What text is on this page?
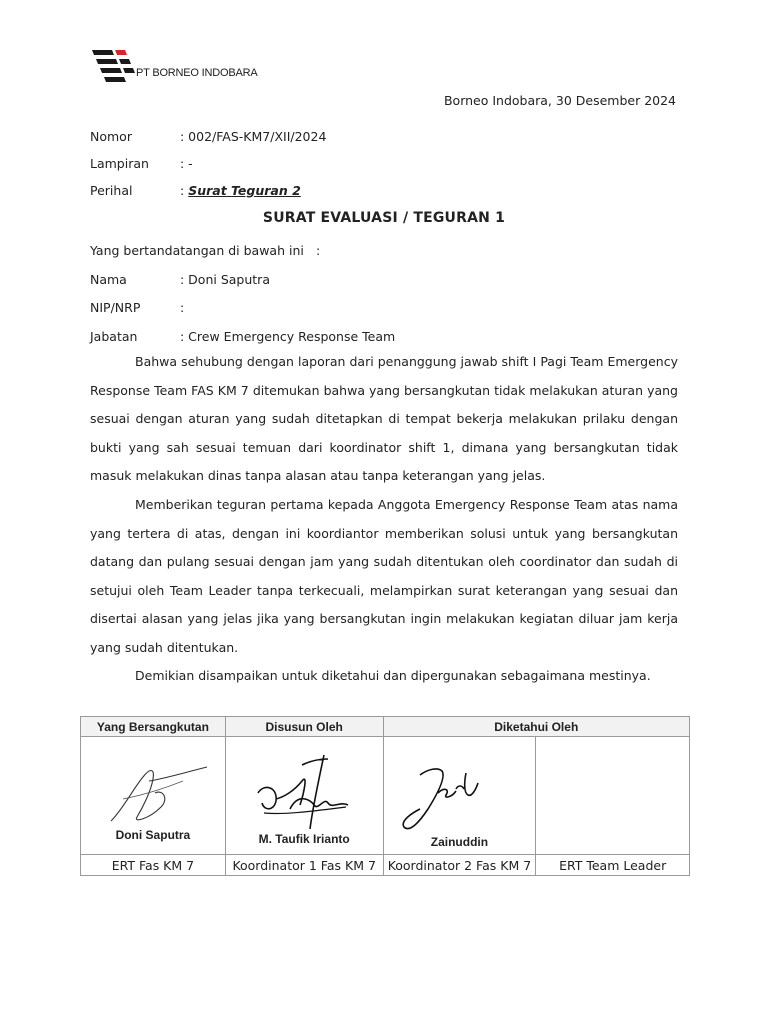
PT BORNEO INDOBARA
Borneo Indobara, 30 Desember 2024
Nomor	: 002/FAS-KM7/XII/2024
Lampiran : -
Perihal	: Surat Teguran 2
SURAT EVALUASI / TEGURAN 1
Yang bertandatangan di bawah ini :
Nama	: Doni Saputra
NIP/NRP	:
Jabatan	: Crew Emergency Response Team
Bahwa sehubung dengan laporan dari penanggung jawab shift I Pagi Team Emergency Response Team FAS KM 7 ditemukan bahwa yang bersangkutan tidak melakukan aturan yang sesuai dengan aturan yang sudah ditetapkan di tempat bekerja melakukan prilaku dengan bukti yang sah sesuai temuan dari koordinator shift 1, dimana yang bersangkutan tidak masuk melakukan dinas tanpa alasan atau tanpa keterangan yang jelas.
Memberikan teguran pertama kepada Anggota Emergency Response Team atas nama yang tertera di atas, dengan ini koordiantor memberikan solusi untuk yang bersangkutan datang dan pulang sesuai dengan jam yang sudah ditentukan oleh coordinator dan sudah di setujui oleh Team Leader tanpa terkecuali, melampirkan surat keterangan yang sesuai dan disertai alasan yang jelas jika yang bersangkutan ingin melakukan kegiatan diluar jam kerja yang sudah ditentukan.
Demikian disampaikan untuk diketahui dan dipergunakan sebagaimana mestinya.
Yang Bersangkutan	Disusun Oleh	Diketahui Oleh	

Doni Saputra	M. Taufik Irianto	Zainuddin	

ERT Fas KM 7	Koordinator 1 Fas KM 7	Koordinator 2 Fas KM 7	ERT Team Leader
